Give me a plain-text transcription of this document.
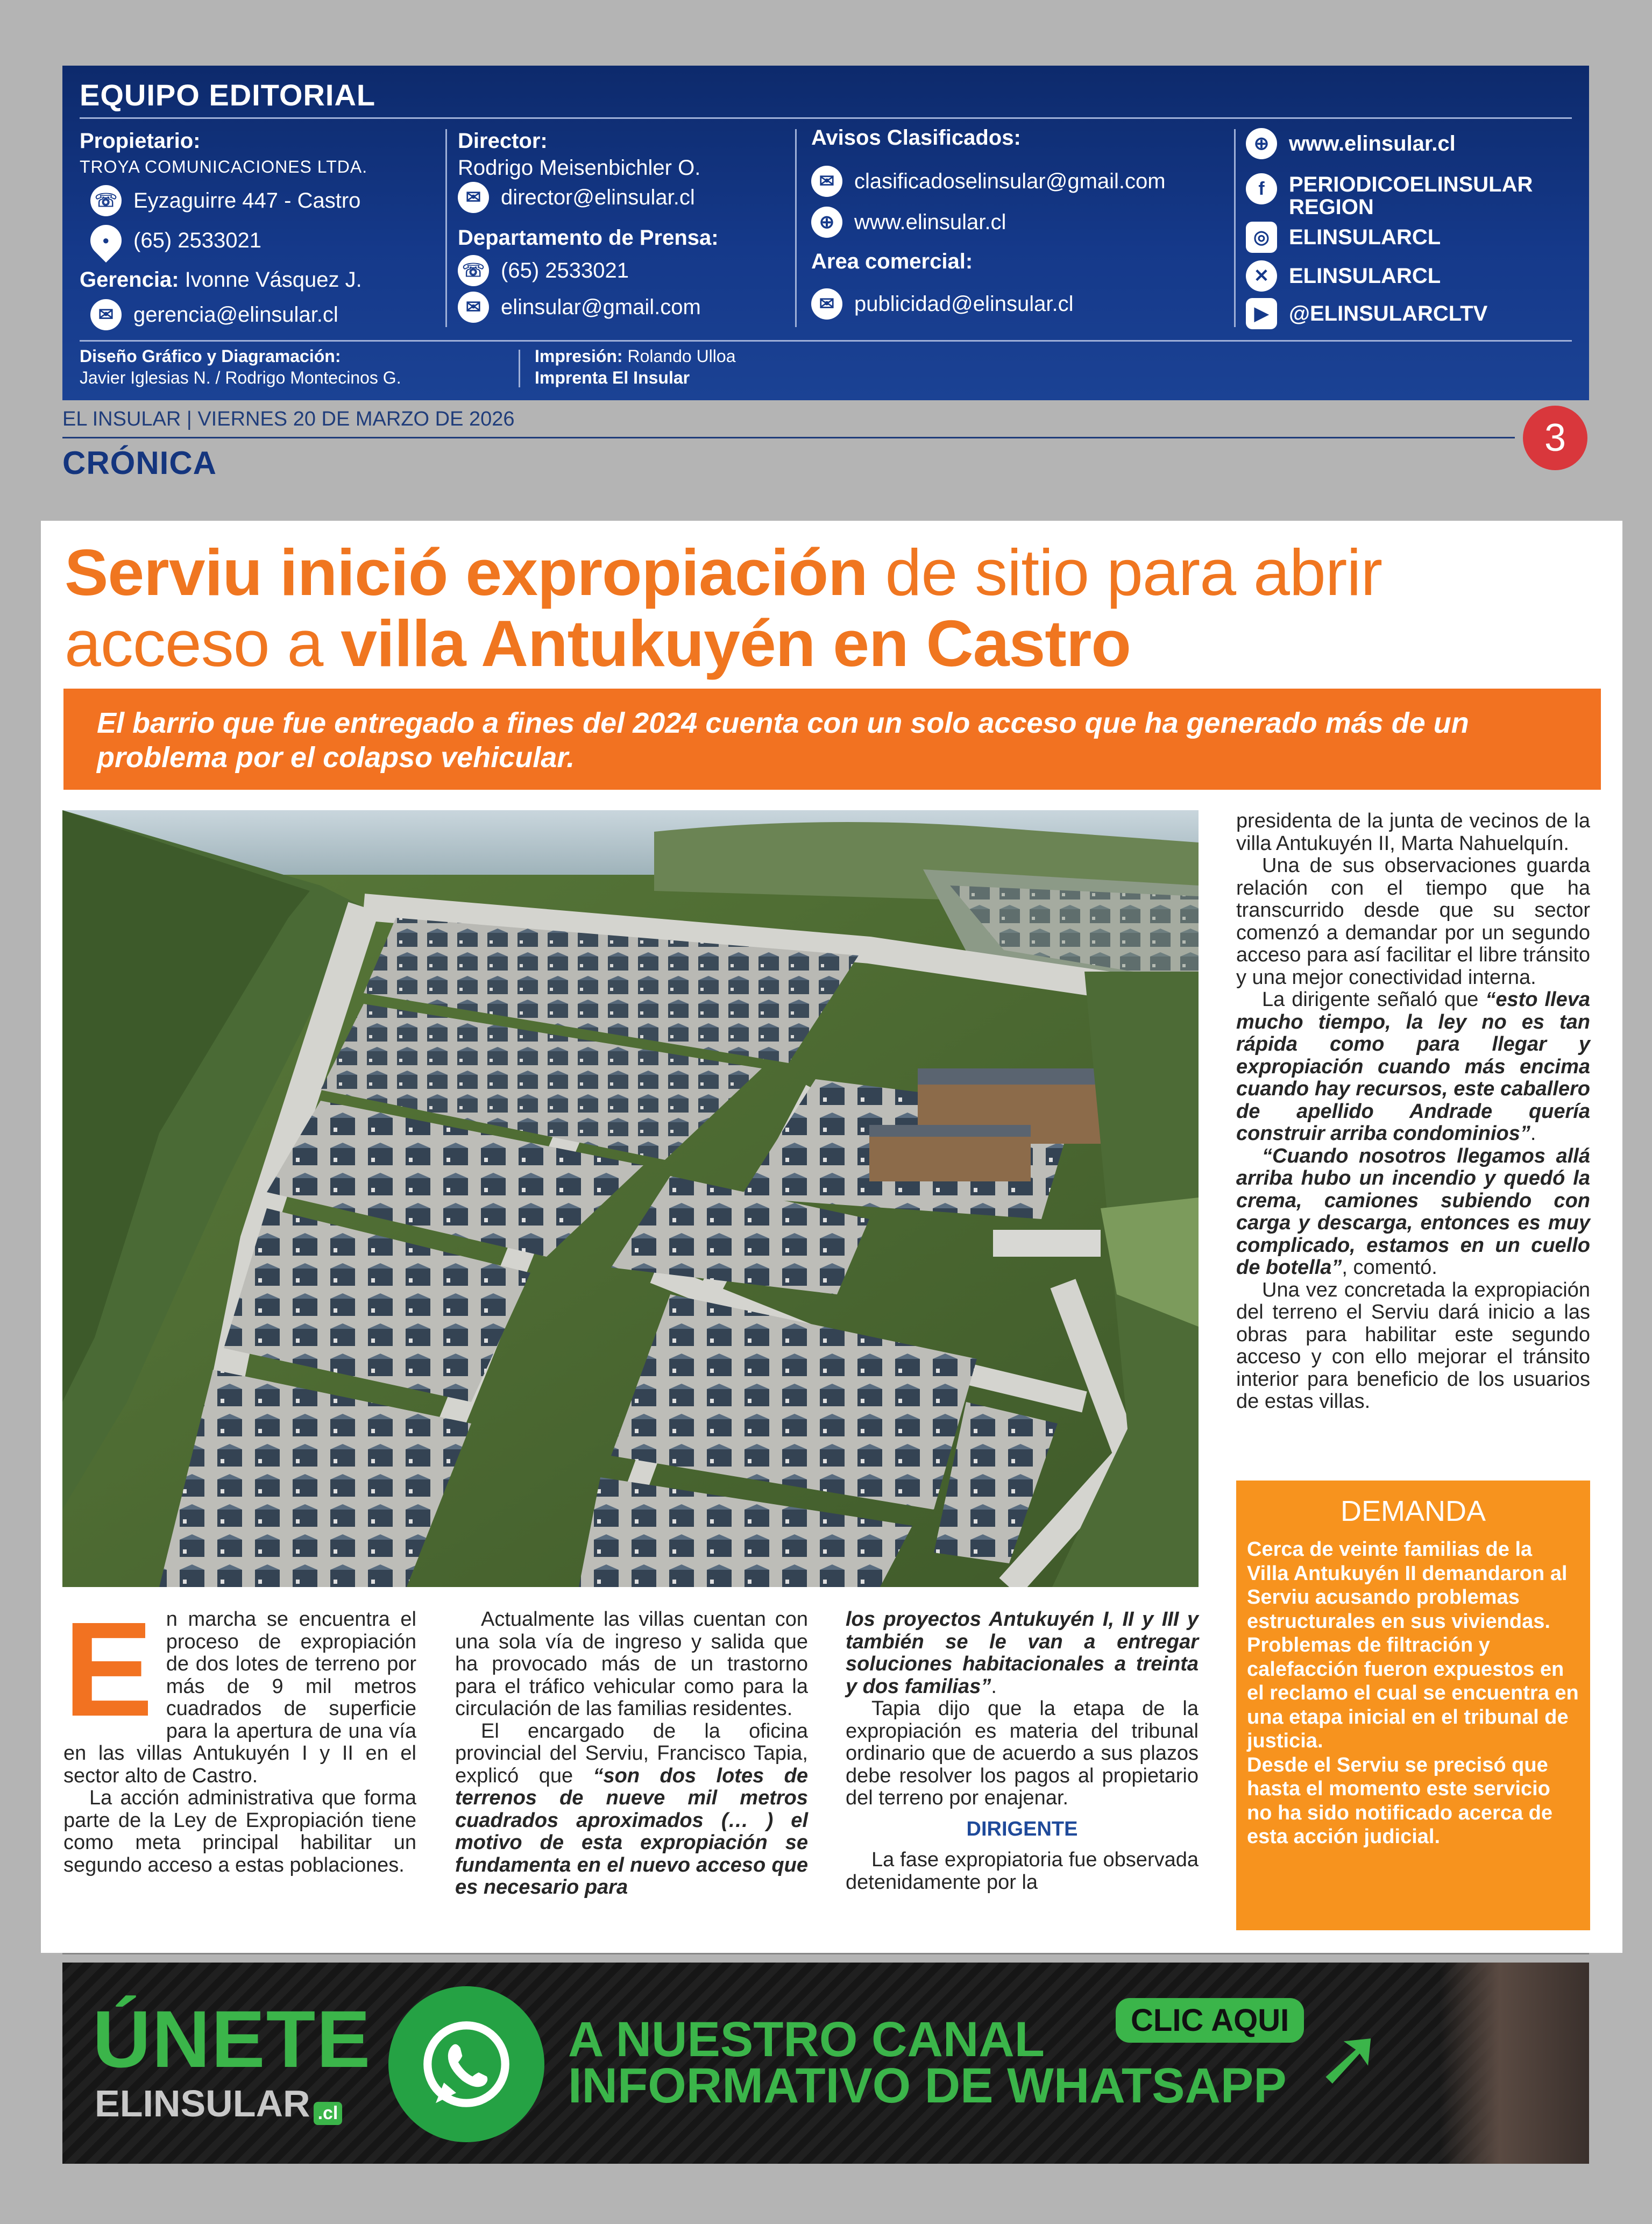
EQUIPO EDITORIAL
Propietario:
TROYA COMUNICACIONES LTDA.
☏ Eyzaguirre 447 - Castro
● (65) 2533021
Gerencia: Ivonne Vásquez J.
✉ gerencia@elinsular.cl
Director:
Rodrigo Meisenbichler O.
✉ director@elinsular.cl
Departamento de Prensa:
☏ (65) 2533021
✉ elinsular@gmail.com
Avisos Clasificados:
✉ clasificadoselinsular@gmail.com
⊕ www.elinsular.cl
Area comercial:
✉ publicidad@elinsular.cl
⊕ www.elinsular.cl
f	PERIODICOELINSULAR REGION
◎ ELINSULARCL
✕ ELINSULARCL
▶ @ELINSULARCLTV
Diseño Gráfico y Diagramación:
Javier Iglesias N. / Rodrigo Montecinos G.
Impresión: Rolando Ulloa
Imprenta El Insular
EL INSULAR | VIERNES 20 DE MARZO DE 2026
CRÓNICA
3
Serviu inició expropiación de sitio para abrir acceso a villa Antukuyén en Castro
El barrio que fue entregado a fines del 2024 cuenta con un solo acceso que ha generado más de un problema por el colapso vehicular.
E n marcha se encuentra el proceso de expropiación de dos lotes de terreno por más de 9 mil metros cuadrados de superficie para la apertura de una vía en las villas Antukuyén I y II en el sector alto de Castro.

La acción administrativa que forma parte de la Ley de Expropiación tiene como meta principal habilitar un segundo acceso a estas poblaciones.

Actualmente las villas cuentan con una sola vía de ingreso y salida que ha provocado más de un trastorno para el tráfico vehicular como para la circulación de las familias residentes.

El encargado de la oficina provincial del Serviu, Francisco Tapia, explicó que “son dos lotes de terrenos de nueve mil metros cuadrados aproximados (… ) el motivo de esta expropiación se fundamenta en el nuevo acceso que es necesario para

los proyectos Antukuyén I, II y III y también se le van a entregar soluciones habitacionales a treinta y dos familias”.

Tapia dijo que la etapa de la expropiación es materia del tribunal ordinario que de acuerdo a sus plazos debe resolver los pagos al propietario del terreno por enajenar.

DIRIGENTE

La fase expropiatoria fue observada detenidamente por la

presidenta de la junta de vecinos de la villa Antukuyén II, Marta Nahuelquín.

Una de sus observaciones guarda relación con el tiempo que ha transcurrido desde que su sector comenzó a demandar por un segundo acceso para así facilitar el libre tránsito y una mejor conectividad interna.

La dirigente señaló que “esto lleva mucho tiempo, la ley no es tan rápida como para llegar y expropiación cuando más encima cuando hay recursos, este caballero de apellido Andrade quería construir arriba condominios”.

“Cuando nosotros llegamos allá arriba hubo un incendio y quedó la crema, camiones subiendo con carga y descarga, entonces es muy complicado, estamos en un cuello de botella”, comentó.

Una vez concretada la expropiación del terreno el Serviu dará inicio a las obras para habilitar este segundo acceso y con ello mejorar el tránsito interior para beneficio de los usuarios de estas villas.

DEMANDA
Cerca de veinte familias de la Villa Antukuyén II demandaron al Serviu acusando problemas estructurales en sus viviendas.
Problemas de filtración y calefacción fueron expuestos en el reclamo el cual se encuentra en una etapa inicial en el tribunal de justicia.
Desde el Serviu se precisó que hasta el momento este servicio no ha sido notificado acerca de esta acción judicial.
ÚNETE
ELINSULAR .cl
A NUESTRO CANAL
INFORMATIVO DE WHATSAPP
CLIC AQUI ➚
